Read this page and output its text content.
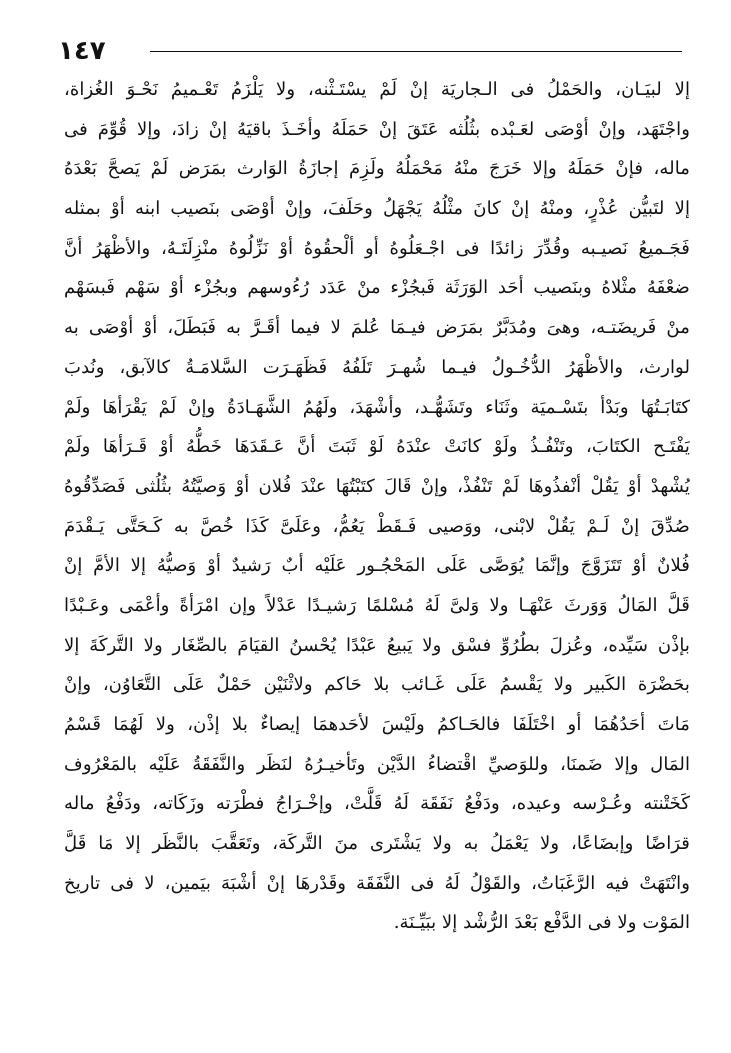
١٤٧
إلا لبيَـان، والحَمْلُ فى الـجاريَة إنْ لَمْ يسْتَـثْنه، ولا يَلْزَمُ تَعْـميمُ نَحْـوَ الغُزاة،
واجْتَهَد، وإنْ أوْصَى لعَـبْده بثُلُثه عَتَقَ إنْ حَمَلَهُ وأخَـذَ باقيَهُ إنْ زادَ، وإلا قُوِّمَ فى
ماله، فإنْ حَمَلَهُ وإلا خَرَجَ منْهُ مَحْمَلُهُ ولَزِمَ إجازَةُ الوَارث بمَرَض لَمْ يَصحَّ بَعْدَهُ
إلا لتَبيُّن عُذْرٍ، ومنْهُ إنْ كانَ مثْلُهُ يَجْهَلُ وحَلَفَ، وإنْ أوْصَى بنَصيب ابنه أوْ بمثله
فَجَـميعُ نَصيـبه وقُدِّرَ زائدًا فى اجْـعَلُوهُ أو ألْحقُوهُ أوْ نَزِّلُوهُ منْزِلَتَـهُ، والأظْهَرُ أنَّ
ضعْفَهُ مثْلاهُ وبنَصيب أحَد الوَرَثَة فَبجُزْء منْ عَدَد رُءُوسهم وبجُزْء أوْ سَهْم فَبسَهْم
منْ فَريضَتـه، وهىَ ومُدَبَّرٌ بمَرَض فيـمَا عُلمَ لا فيما أقَـرَّ به فَبَطَلَ، أوْ أوْصَى به
لوارث، والأظْهَرُ الدُّخُـولُ فيـما شُهـرَ تَلَفُهُ فَظَهَـرَت السَّلامَـةُ كالآبق، ونُدبَ
كتَابَـتُهَا وبَدْأ بتَسْـميَة وثَنَاء وتَشَهُّـد، وأشْهَدَ، ولَهُمُ الشَّهَـادَةُ وإنْ لَمْ يَقْرَأهَا ولَمْ
يَفْتَـح الكتَابَ، وتَنْفُـذُ ولَوْ كانَتْ عنْدَهُ لَوْ ثَبَتَ أنَّ عَـقَدَهَا خَطُّهُ أوْ قَـرَأهَا ولَمْ
يُشْهدْ أوْ يَقُلْ أنْفذُوهَا لَمْ تَنْفُذْ، وإنْ قَالَ كتَبْتُهَا عنْدَ فُلان أوْ وَصيَّتُهُ بثُلُثى فَصَدِّقُوهُ
صُدِّقَ إنْ لَـمْ يَقُلْ لابْنى، ووَصيى فَـقَطْ يَعُمُّ، وعَلَىَّ كَذَا خُصَّ به كَـحَتَّى يَـقْدَمَ
فُلانٌ أوْ تَتَزَوَّجَ وإنَّمَا يُوَصَّى عَلَى المَحْجُـور عَلَيْه أبٌ رَشيدٌ أوْ وَصيُّهُ إلا الأمَّ إنْ
قَلَّ المَالُ وَوَرثَ عَنْهَـا ولا وَلىَّ لَهُ مُسْلمًا رَشيـدًا عَدْلاً وإن امْرَأةً وأعْمَى وعَـبْدًا
بإذْن سَيِّده، وعُزلَ بطُرُوِّ فسْق ولا يَبيعُ عَبْدًا يُحْسنُ القيَامَ بالصِّغَار ولا التَّركَةَ إلا
بحَضْرَة الكَبير ولا يَقْسمُ عَلَى غَـائب بلا حَاكم ولاثْنَيْن حَمْلٌ عَلَى التَّعَاوُن، وإنْ
مَاتَ أحَدُهُمَا أو اخْتَلَفَا فالحَـاكمُ ولَيْسَ لأحَدهمَا إيصاءٌ بلا إذْن، ولا لَهُمَا قَسْمُ
المَال وإلا ضَمنَا، وللوَصيِّ اقْتضاءُ الدَّيْن وتَأخيـرُهُ لنَظَر والنَّفَقَةُ عَلَيْه بالمَعْرُوف
كَخَتْنته وعُـرْسه وعيده، ودَفْعُ نَفَقَة لَهُ قَلَّتْ، وإخْـرَاجُ فطْرَته وزَكَاته، ودَفْعُ ماله
قرَاضًا وإبضَاعًا، ولا يَعْمَلُ به ولا يَشْتَرى منَ التَّركَة، وتَعَقَّبَ بالنَّظَر إلا مَا قَلَّ
وانْتَهَتْ فيه الرَّغَبَاتُ، والقَوْلُ لَهُ فى النَّفَقَة وقَدْرهَا إنْ أشْبَهَ بيَمين، لا فى تاريخ
المَوْت ولا فى الدَّفْع بَعْدَ الرُّشْد إلا ببَيِّـنَة.
